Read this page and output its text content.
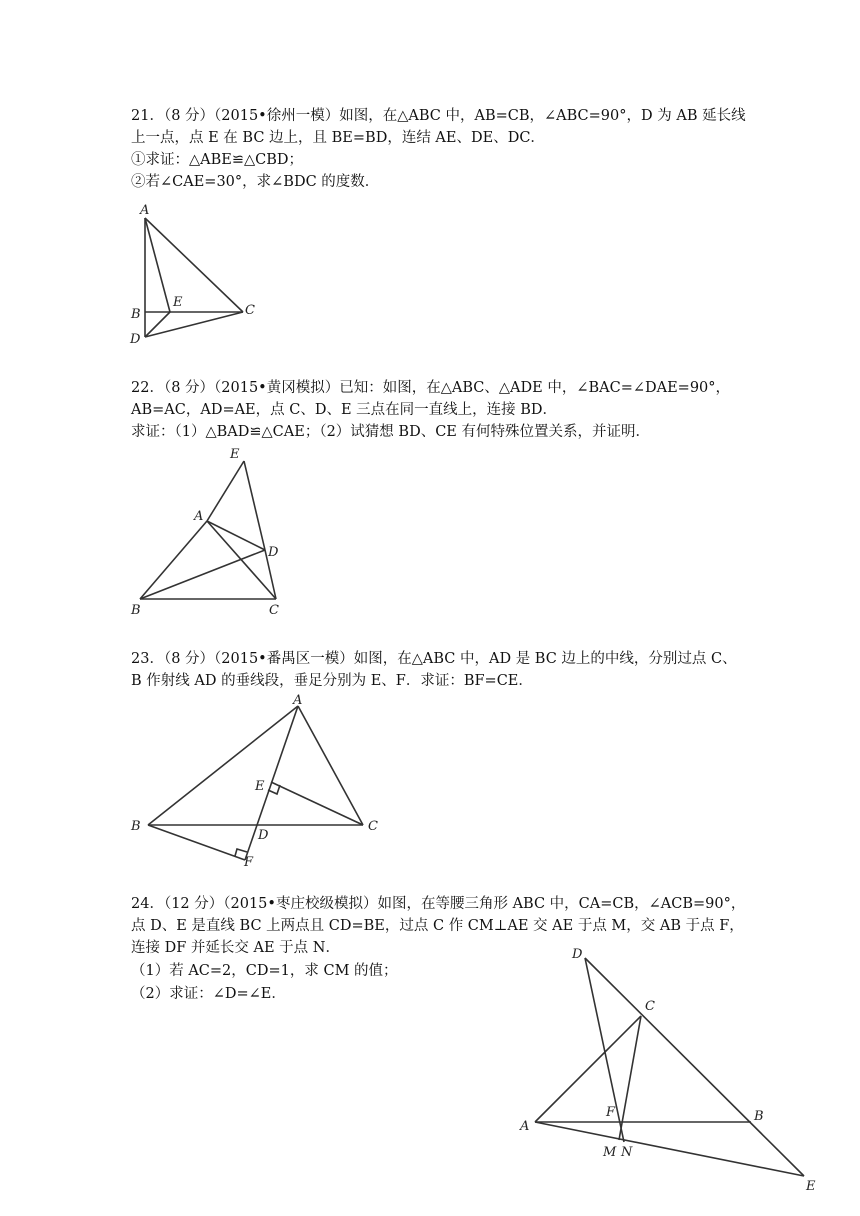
21．（8 分）（2015•徐州一模）如图，在△ABC 中，AB=CB，∠ABC=90°，D 为 AB 延长线
上一点，点 E 在 BC 边上，且 BE=BD，连结 AE、DE、DC．
①求证：△ABE≌△CBD；
②若∠CAE=30°，求∠BDC 的度数．
A
B	C
D
E
22．（8 分）（2015•黄冈模拟）已知：如图，在△ABC、△ADE 中，∠BAC=∠DAE=90°，
AB=AC，AD=AE，点 C、D、E 三点在同一直线上，连接 BD．
求证：（1）△BAD≌△CAE；（2）试猜想 BD、CE 有何特殊位置关系，并证明．
E
A
D
B	C
23．（8 分）（2015•番禺区一模）如图，在△ABC 中，AD 是 BC 边上的中线，分别过点 C、
B 作射线 AD 的垂线段，垂足分别为 E、F．求证：BF=CE．
A
E
B	C
D
F
24．（12 分）（2015•枣庄校级模拟）如图，在等腰三角形 ABC 中，CA=CB，∠ACB=90°，
点 D、E 是直线 BC 上两点且 CD=BE，过点 C 作 CM⊥AE 交 AE 于点 M，交 AB 于点 F，
连接 DF 并延长交 AE 于点 N．
（1）若 AC=2，CD=1，求 CM 的值；
（2）求证：∠D=∠E．
D
C
F	B
A
M N
E
